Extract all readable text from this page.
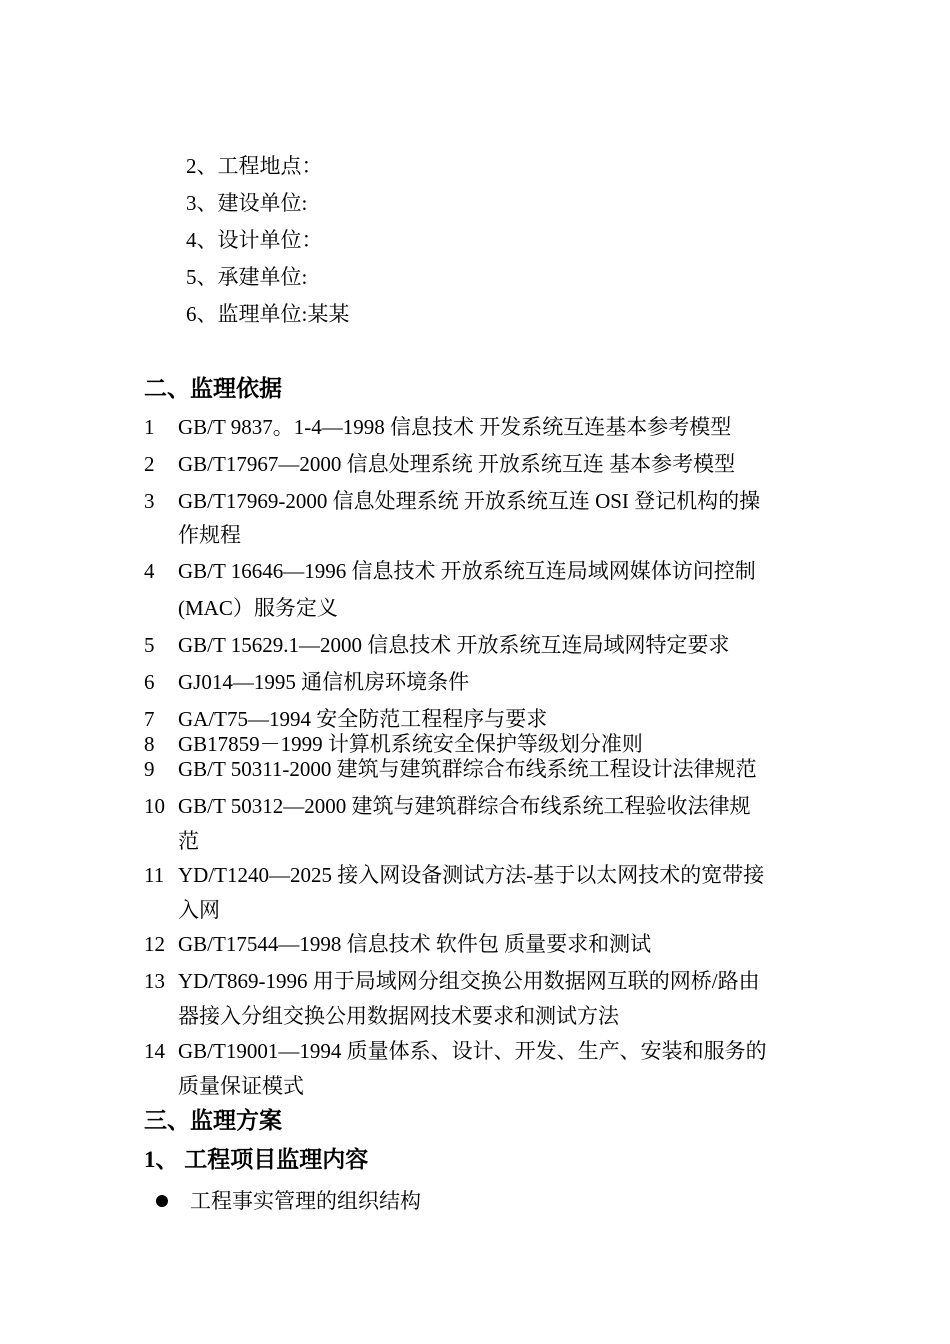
2、工程地点：
3、建设单位:
4、设计单位：
5、承建单位:
6、监理单位:某某
二、监理依据
1	GB/T 9837。1-4—1998 信息技术 开发系统互连基本参考模型
2	GB/T17967—2000 信息处理系统 开放系统互连 基本参考模型
3	GB/T17969-2000 信息处理系统 开放系统互连 OSI 登记机构的操
作规程
4	GB/T 16646—1996 信息技术 开放系统互连局域网媒体访问控制
(MAC）服务定义
5	GB/T 15629.1—2000 信息技术 开放系统互连局域网特定要求
6	GJ014—1995 通信机房环境条件
7	GA/T75—1994 安全防范工程程序与要求
8	GB17859－1999 计算机系统安全保护等级划分准则
9	GB/T 50311-2000 建筑与建筑群综合布线系统工程设计法律规范
10 GB/T 50312—2000 建筑与建筑群综合布线系统工程验收法律规
范
11 YD/T1240—2025 接入网设备测试方法-基于以太网技术的宽带接
入网
12 GB/T17544—1998 信息技术 软件包 质量要求和测试
13 YD/T869-1996 用于局域网分组交换公用数据网互联的网桥/路由
器接入分组交换公用数据网技术要求和测试方法
14 GB/T19001—1994 质量体系、设计、开发、生产、安装和服务的
质量保证模式
三、监理方案
1、 工程项目监理内容
工程事实管理的组织结构
